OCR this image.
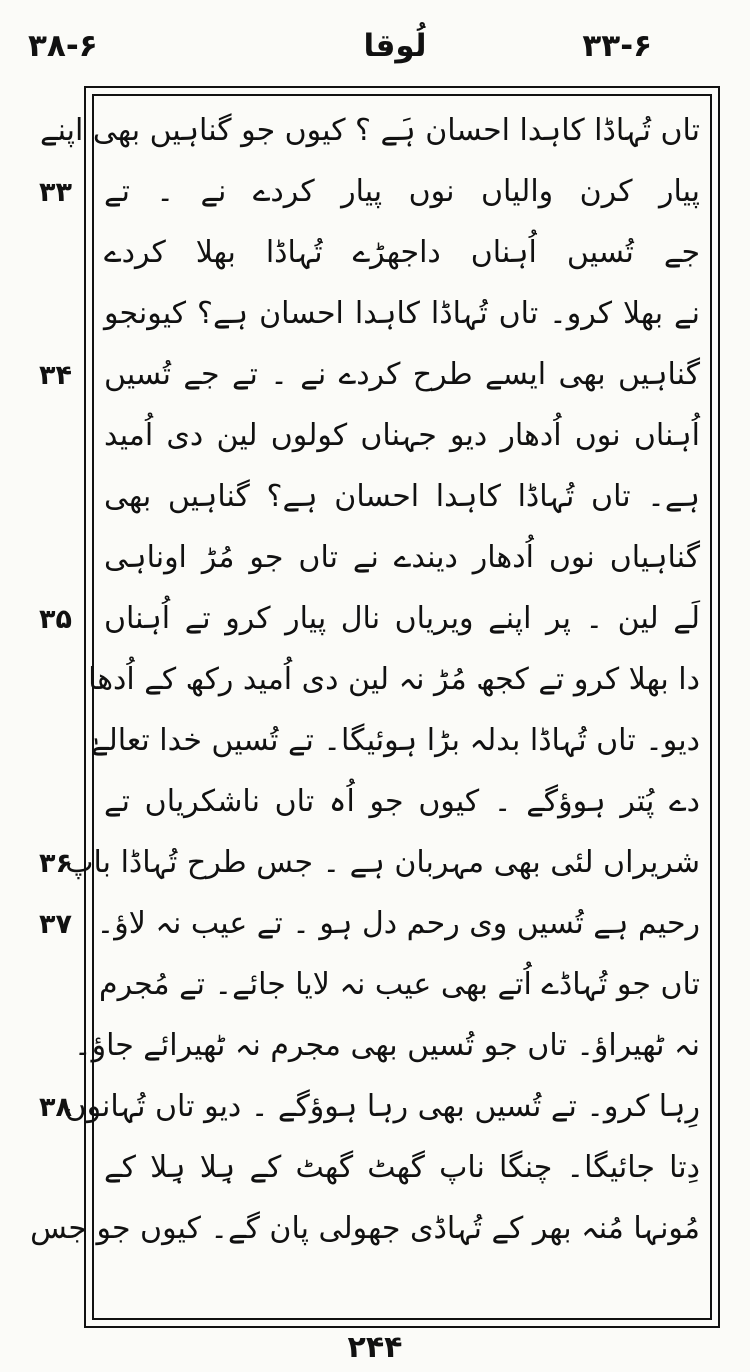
۳۸-۶	لُوقا	۳۳-۶
۳۳
۳۴
۳۵
۳۶
۳۷
۳۸
تاں تُہاڈا کاہدا احسان ہَے ؟ کیوں جو گناہیں بھی اپنے
پیار کرن والیاں نوں پیار کردے نے ۔ تے
جے تُسیں اُہناں داجھڑے تُہاڈا بھلا کردے
نے بھلا کرو۔ تاں تُہاڈا کاہدا احسان ہے؟ کیونجو
گناہیں بھی ایسے طرح کردے نے ۔ تے جے تُسیں
اُہناں نوں اُدھار دیو جہناں کولوں لین دی اُمید
ہے۔ تاں تُہاڈا کاہدا احسان ہے؟ گناہیں بھی
گناہیاں نوں اُدھار دیندے نے تاں جو مُڑ اوناہی
لَے لین ۔ پر اپنے ویریاں نال پیار کرو تے اُہناں
دا بھلا کرو تے کجھ مُڑ نہ لین دی اُمید رکھ کے اُدھا
دیو۔ تاں تُہاڈا بدلہ بڑا ہوئیگا۔ تے تُسیں خدا تعالےٰ
دے پُتر ہوؤگے ۔ کیوں جو اُہ تاں ناشکریاں تے
شریراں لئی بھی مہربان ہے ۔ جس طرح تُہاڈا باپ
رحیم ہے تُسیں وی رحم دل ہو ۔ تے عیب نہ لاؤ۔
تاں جو تُہاڈے اُتے بھی عیب نہ لایا جائے۔ تے مُجرم
نہ ٹھیراؤ۔ تاں جو تُسیں بھی مجرم نہ ٹھیرائے جاؤ۔
رِہا کرو۔ تے تُسیں بھی رہا ہوؤگے ۔ دیو تاں تُہانوں
دِتا جائیگا۔ چنگا ناپ گھٹ گھٹ کے ہِلا ہِلا کے
مُونہا مُنہ بھر کے تُہاڈی جھولی پان گے۔ کیوں جو جس
۲۴۴
